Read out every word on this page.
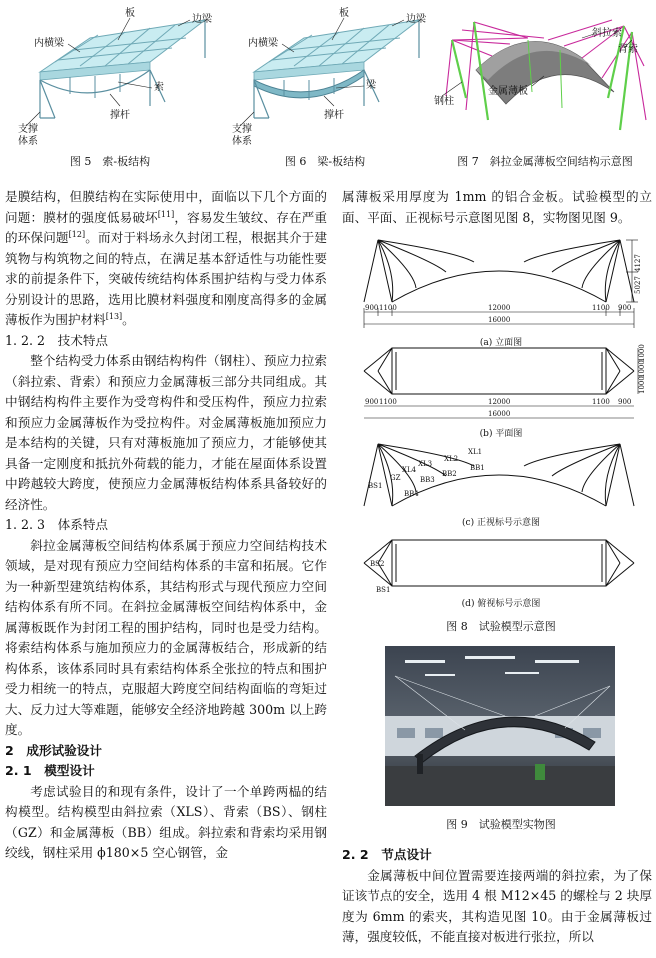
板
边梁
内横梁
索
撑杆
支撑
体系
图 5　索-板结构
板
边梁
内横梁
梁
撑杆
支撑
体系
图 6　梁-板结构
斜拉索
背索
钢柱
金属薄板
图 7　斜拉金属薄板空间结构示意图

是膜结构，但膜结构在实际使用中，面临以下几个方面的问题：膜材的强度低易破坏[11]，容易发生皱纹、存在严重的环保问题[12]。而对于料场永久封闭工程，根据其介于建筑物与构筑物之间的特点，在满足基本舒适性与功能性要求的前提条件下，突破传统结构体系围护结构与受力体系分别设计的思路，选用比膜材料强度和刚度高得多的金属薄板作为围护材料[13]。

1. 2. 2　技术特点

整个结构受力体系由钢结构构件（钢柱）、预应力拉索（斜拉索、背索）和预应力金属薄板三部分共同组成。其中钢结构构件主要作为受弯构件和受压构件，预应力拉索和预应力金属薄板作为受拉构件。对金属薄板施加预应力是本结构的关键，只有对薄板施加了预应力，才能够使其具备一定刚度和抵抗外荷载的能力，才能在屋面体系设置中跨越较大跨度，使预应力金属薄板结构体系具备较好的经济性。

1. 2. 3　体系特点

斜拉金属薄板空间结构体系属于预应力空间结构技术领域，是对现有预应力空间结构体系的丰富和拓展。它作为一种新型建筑结构体系，其结构形式与现代预应力空间结构体系有所不同。在斜拉金属薄板空间结构体系中，金属薄板既作为封闭工程的围护结构，同时也是受力结构。将索结构体系与施加预应力的金属薄板结合，形成新的结构体系，该体系同时具有索结构体系全张拉的特点和围护受力相统一的特点，克服超大跨度空间结构面临的弯矩过大、反力过大等难题，能够安全经济地跨越 300m 以上跨度。

2　成形试验设计

2. 1　模型设计

考虑试验目的和现有条件，设计了一个单跨两榀的结构模型。结构模型由斜拉索（XLS）、背索（BS）、钢柱（GZ）和金属薄板（BB）组成。斜拉索和背索均采用钢绞线，钢柱采用 ϕ180×5 空心钢管，金

属薄板采用厚度为 1mm 的铝合金板。试验模型的立面、平面、正视标号示意图见图 8，实物图见图 9。

4127
5027
900 1100	12000	1100 900
16000
(a) 立面图
900 1100	12000	1100 900
16000
1000
1000
1000
(b) 平面图
XL1
XL2
BB1
XL3
BB2
XL4
BB3
GZ
BS1
BB4
(c) 正视标号示意图
BS2
BS1
(d) 俯视标号示意图
图 8　试验模型示意图
图 9　试验模型实物图

2. 2　节点设计

金属薄板中间位置需要连接两端的斜拉索，为了保证该节点的安全，选用 4 根 M12×45 的螺栓与 2 块厚度为 6mm 的索夹，其构造见图 10。由于金属薄板过薄，强度较低，不能直接对板进行张拉，所以
